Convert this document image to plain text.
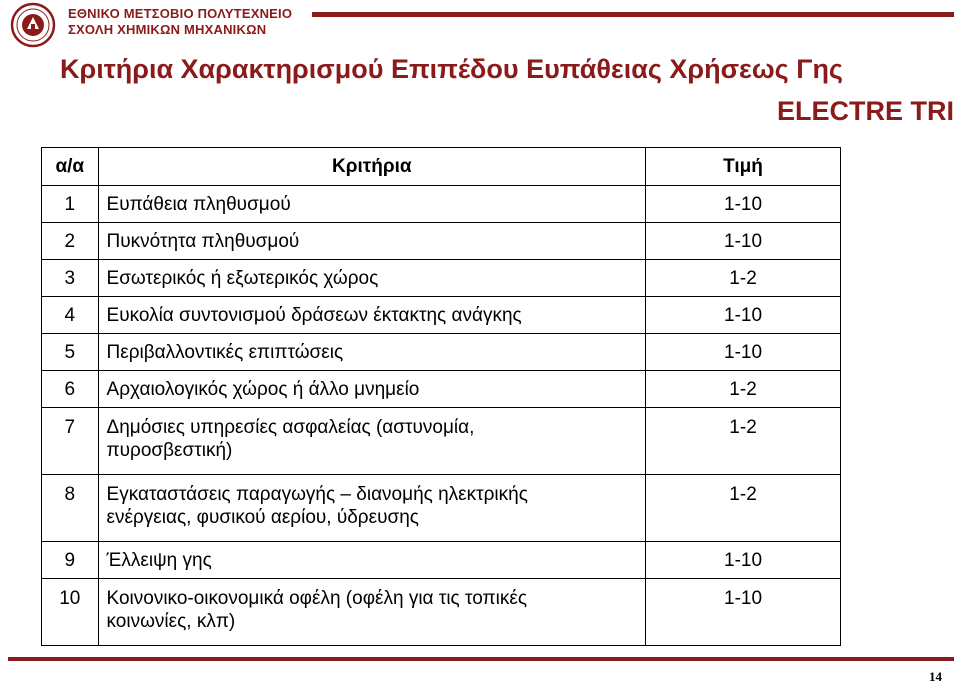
ΕΘΝΙΚΟ ΜΕΤΣΟΒΙΟ ΠΟΛΥΤΕΧΝΕΙΟ
ΣΧΟΛΗ ΧΗΜΙΚΩΝ ΜΗΧΑΝΙΚΩΝ
Κριτήρια Χαρακτηρισμού Επιπέδου Ευπάθειας Χρήσεως Γης
ELECTRE TRI
α/α	Κριτήρια	Τιμή
1	Ευπάθεια πληθυσμού	1-10
2	Πυκνότητα πληθυσμού	1-10
3	Εσωτερικός ή εξωτερικός χώρος	1-2
4	Ευκολία συντονισμού δράσεων έκτακτης ανάγκης	1-10
5	Περιβαλλοντικές επιπτώσεις	1-10
6	Αρχαιολογικός χώρος ή άλλο μνημείο	1-2
7	Δημόσιες υπηρεσίες ασφαλείας (αστυνομία,
πυροσβεστική)	1-2
8	Εγκαταστάσεις παραγωγής – διανομής ηλεκτρικής
ενέργειας, φυσικού αερίου, ύδρευσης	1-2
9	Έλλειψη γης	1-10
10	Κοινονικο-οικονομικά οφέλη (οφέλη για τις τοπικές
κοινωνίες, κλπ)	1-10
14
